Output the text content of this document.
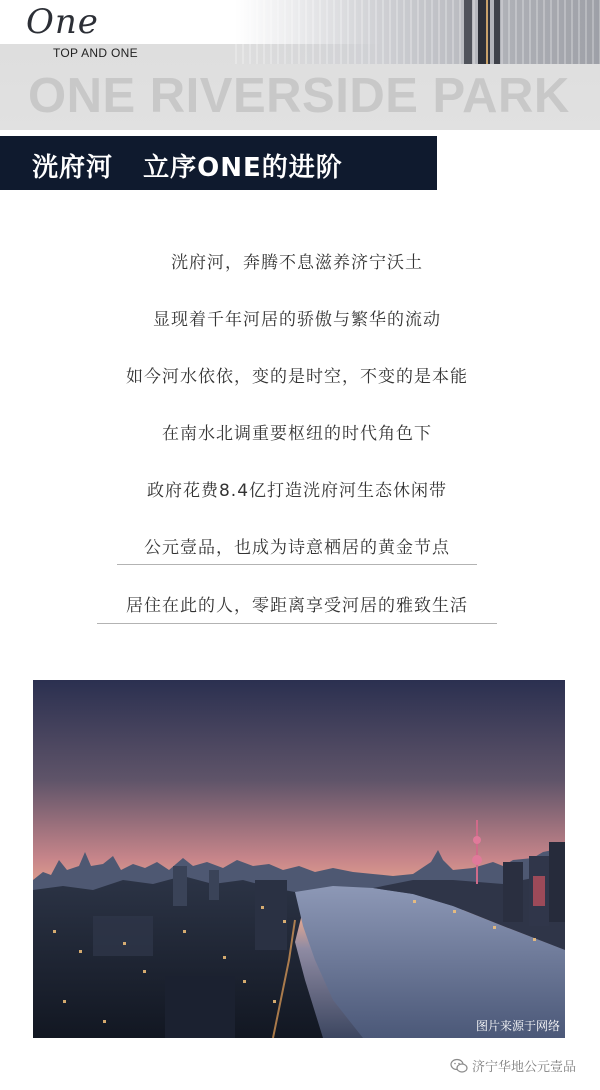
One
TOP AND ONE
ONE RIVERSIDE PARK
洸府河   立序ONE的进阶
洸府河，奔腾不息滋养济宁沃土
显现着千年河居的骄傲与繁华的流动
如今河水依依，变的是时空，不变的是本能
在南水北调重要枢纽的时代角色下
政府花费8.4亿打造洸府河生态休闲带
公元壹品，也成为诗意栖居的黄金节点
居住在此的人，零距离享受河居的雅致生活
图片来源于网络
济宁华地公元壹品
